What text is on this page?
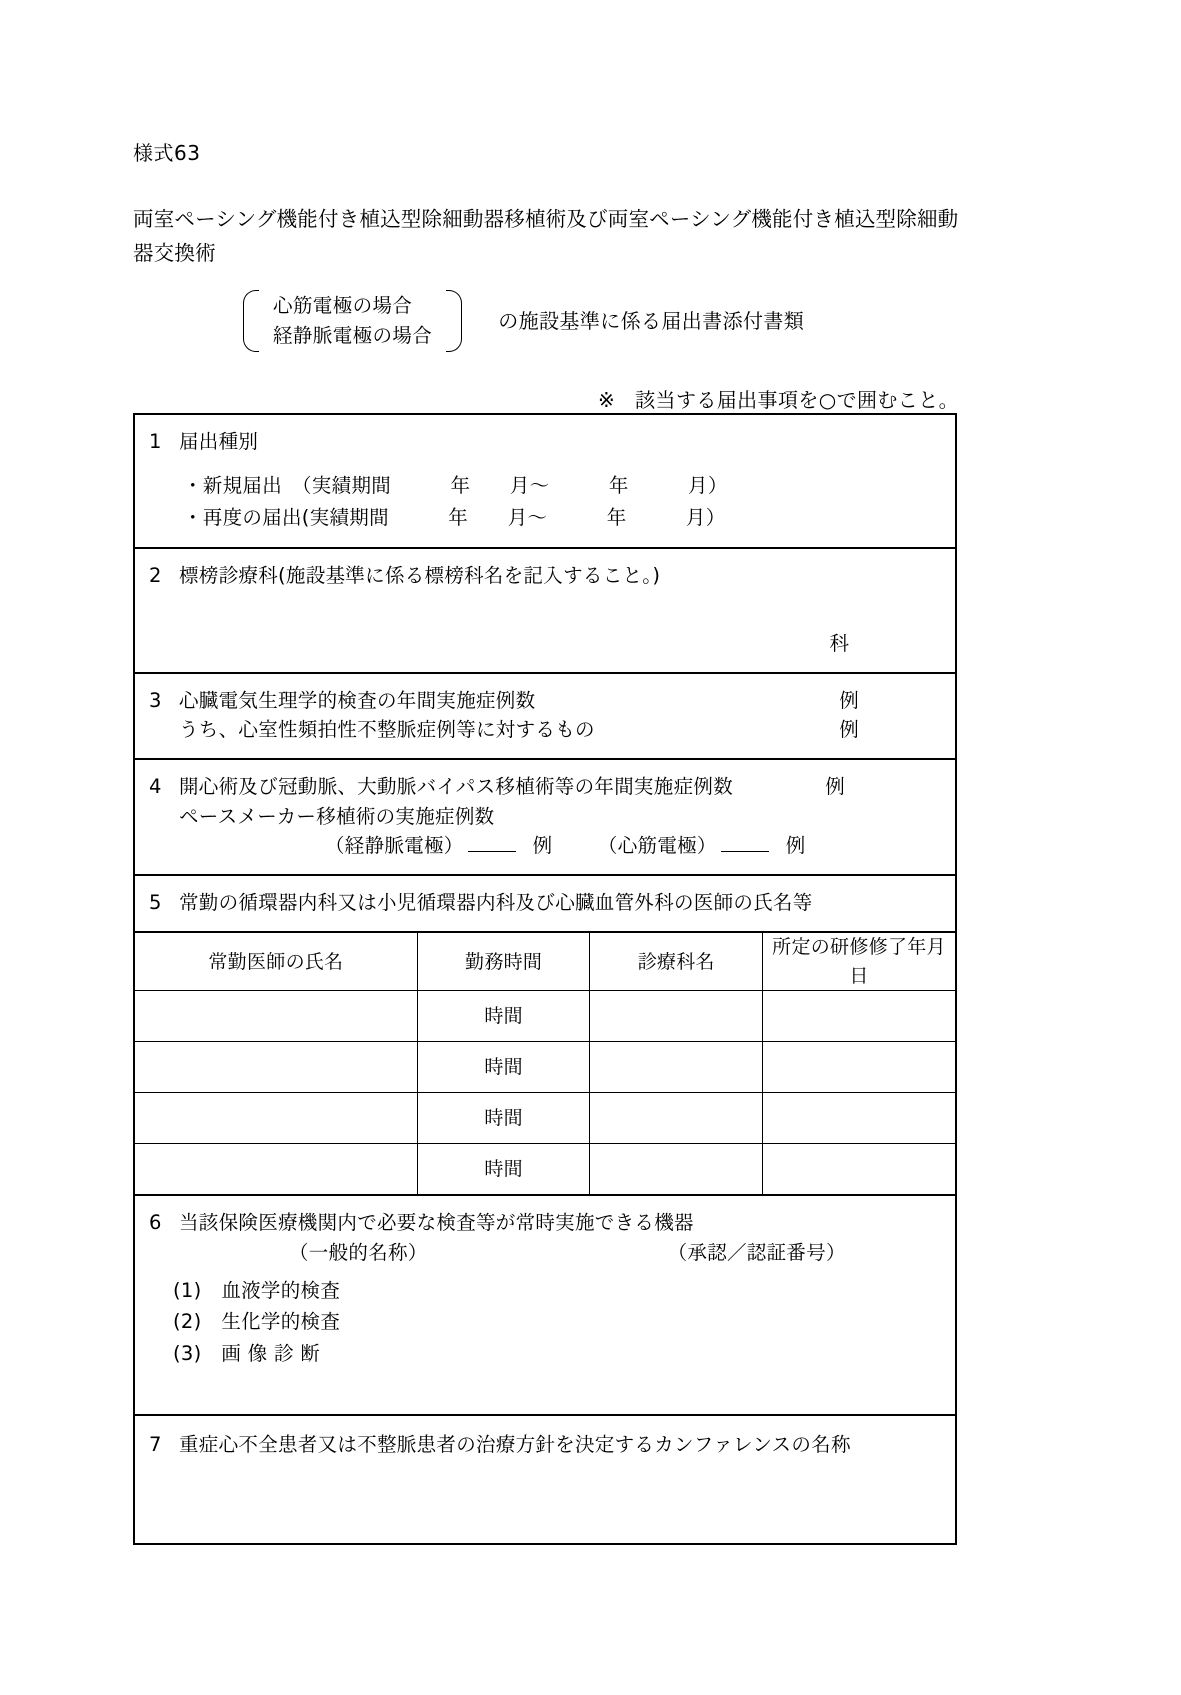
様式63
両室ペーシング機能付き植込型除細動器移植術及び両室ペーシング機能付き植込型除細動器交換術
心筋電極の場合
経静脈電極の場合
の施設基準に係る届出書添付書類
※ 該当する届出事項を○で囲むこと。
1 届出種別
・新規届出　（実績期間　　　年　　月〜　　　年　　　月）
・再度の届出(実績期間　　　年　　月〜　　　年　　　月）
2 標榜診療科(施設基準に係る標榜科名を記入すること。)
科
3 心臓電気生理学的検査の年間実施症例数	例
うち、心室性頻拍性不整脈症例等に対するもの	例
4 開心術及び冠動脈、大動脈バイパス移植術等の年間実施症例数	例
ペースメーカー移植術の実施症例数
（経静脈電極）	例 （心筋電極）	例
5 常勤の循環器内科又は小児循環器内科及び心臓血管外科の医師の氏名等
常勤医師の氏名	勤務時間	診療科名	所定の研修修了年月日
	時間		
	時間		
	時間		
	時間		
6 当該保険医療機関内で必要な検査等が常時実施できる機器
（一般的名称）	（承認／認証番号）
(1)　血液学的検査
(2)　生化学的検査
(3)　画 像 診 断
7 重症心不全患者又は不整脈患者の治療方針を決定するカンファレンスの名称
